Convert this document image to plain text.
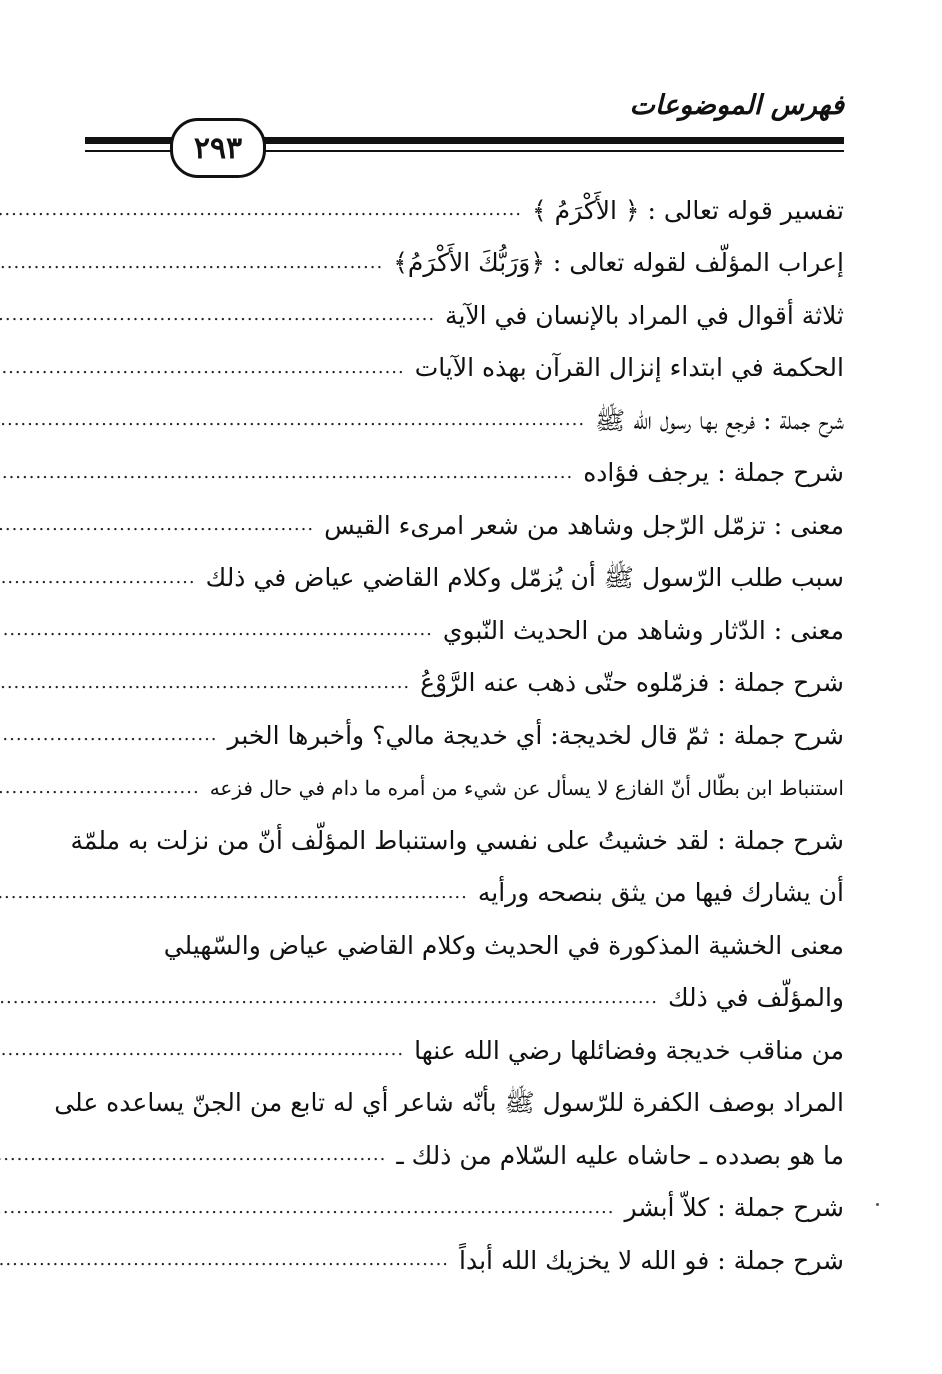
فهرس الموضوعات
٢٩٣
تفسير قوله تعالى : ﴿ الأَكْرَمُ ﴾
.....
إعراب المؤلّف لقوله تعالى : ﴿وَرَبُّكَ الأَكْرَمُ﴾
.....
ثلاثة أقوال في المراد بالإنسان في الآية
.....
الحكمة في ابتداء إنزال القرآن بهذه الآيات
.....
شرح جملة : فرجع بها رسول الله ﷺ
.....
شرح جملة : يرجف فؤاده
.....
معنى : تزمّل الرّجل وشاهد من شعر امرىء القيس
.....
سبب طلب الرّسول ﷺ أن يُزمّل وكلام القاضي عياض في ذلك
.....
معنى : الدّثار وشاهد من الحديث النّبوي
.....
شرح جملة : فزمّلوه حتّى ذهب عنه الرَّوْعُ
.....
شرح جملة : ثمّ قال لخديجة: أي خديجة مالي؟ وأخبرها الخبر
.....
استنباط ابن بطّال أنّ الفازع لا يسأل عن شيء من أمره ما دام في حال فزعه
.....
شرح جملة : لقد خشيتُ على نفسي واستنباط المؤلّف أنّ من نزلت به ملمّة
أن يشارك فيها من يثق بنصحه ورأيه
.....
معنى الخشية المذكورة في الحديث وكلام القاضي عياض والسّهيلي
والمؤلّف في ذلك
.....
من مناقب خديجة وفضائلها رضي الله عنها
.....
المراد بوصف الكفرة للرّسول ﷺ بأنّه شاعر أي له تابع من الجنّ يساعده على
ما هو بصدده ـ حاشاه عليه السّلام من ذلك ـ
.....
شرح جملة : كلاّ أبشر
.....
شرح جملة : فو الله لا يخزيك الله أبداً
.....
